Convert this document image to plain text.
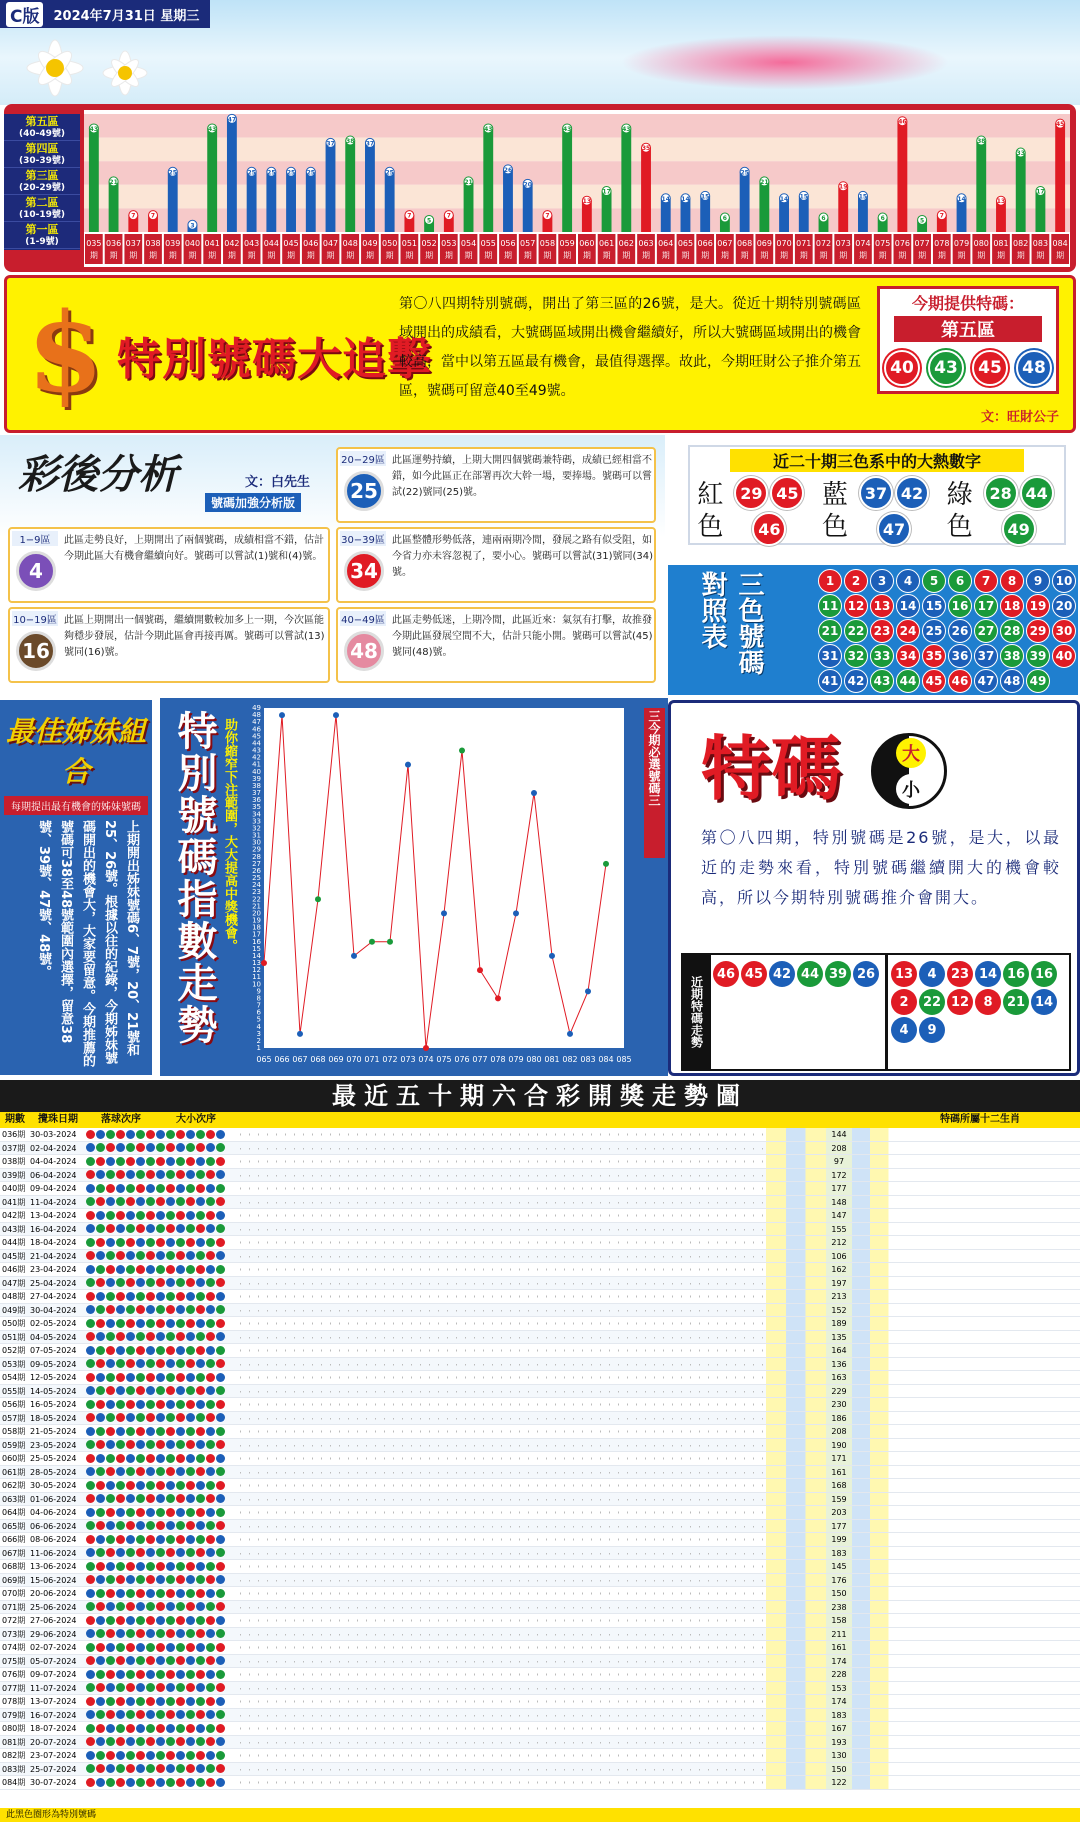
C版	2024年7月31日 星期三
第五區
(40-49號)
第四區
(30-39號)
第三區
(20-29號)
第二區
(10-19號)
第一區
(1-9號)
43
035
期
21
036
期
7
037
期
7
038
期
25
039
期
3
040
期
43
041
期
47
042
期
25
043
期
25
044
期
25
045
期
25
046
期
37
047
期
38
048
期
37
049
期
25
050
期
7
051
期
5
052
期
7
053
期
21
054
期
43
055
期
26
056
期
20
057
期
7
058
期
43
059
期
13
060
期
17
061
期
43
062
期
35
063
期
14
064
期
14
065
期
15
066
期
6
067
期
25
068
期
21
069
期
14
070
期
15
071
期
6
072
期
19
073
期
15
074
期
6
075
期
46
076
期
5
077
期
7
078
期
14
079
期
38
080
期
13
081
期
33
082
期
17
083
期
45
084
期
$ 特別號碼大追擊
第〇八四期特別號碼，開出了第三區的26號，是大。從近十期特別號碼區域開出的成績看，大號碼區域開出機會繼續好，所以大號碼區域開出的機會較高，當中以第五區最有機會，最值得選擇。故此，今期旺財公子推介第五區，號碼可留意40至49號。
今期提供特碼：
第五區
40	43	45	48
文：旺財公子
彩後分析	文：白先生
號碼加強分析版
1−9區
4
此區走勢良好，上期開出了兩個號碼，成績相當不錯，估計今期此區大有機會繼續向好。號碼可以嘗試(1)號和(4)號。
10−19區
16
此區上期開出一個號碼，繼續開數較加多上一期，今次區能夠穩步發展，估計今期此區會再接再厲。號碼可以嘗試(13)號同(16)號。
20−29區
25
此區運勢持續，上期大開四個號碼兼特碼，成績已經相當不錯，如今此區正在部署再次大幹一場，要捧場。號碼可以嘗試(22)號同(25)號。
30−39區
34
此區整體形勢低落，連兩兩期冷閒，發展之路有似受阻，如今省力亦未容忽視了，要小心。號碼可以嘗試(31)號同(34)號。
40−49區
48
此區走勢低迷，上期冷閒，此區近來：氣氛有打擊，故推發今期此區發展空間不大，估計只能小開。號碼可以嘗試(45)號同(48)號。
近二十期三色系中的大熱數字
紅色
29 45
46
藍色
37 42
47
綠色
28 44
49
三色號碼對照表	1	2	3	4	5	6	7	8	9	10
11 12 13 14 15 16 17 18 19 20
21 22 23 24 25 26 27 28 29 30
31 32 33 34 35 36 37 38 39 40
41 42 43 44 45 46 47 48 49
最佳姊妹組合
每期提出最有機會的姊妹號碼
上期開出姊妹號碼6、7號，20、21號和25、26號。根據以往的紀錄，今期姊妹號碼開出的機會大，大家要留意。今期推薦的號碼可38至48號範圍內選擇，留意38號、39號、47號、48號。	特別號碼指數走勢 助你縮窄下注範圍，大大提高中獎機會。
1
2
3
4
5
6
7
8
9
10
11
12
13
14
15
16
17
18
19
20
21
22
23
24
25
26
27
28
29
30
31
32
33
34
35
36
37
38
39
40
41
42
43
44
45
46
47
48
49
065 066 067 068 069 070 071 072 073 074 075 076 077 078 079 080 081 082 083 084 085
三今期必選號碼三 特碼	大
小
第〇八四期，特別號碼是26號，是大，以最近的走勢來看，特別號碼繼續開大的機會較高，所以今期特別號碼推介會開大。
近期特碼走勢
46 45 42 44 39 26	13	4	23 14 16 16
2	22 12	8	21 14
4	9
最近五十期六合彩開獎走勢圖
期數	攪珠日期	落球次序	大小次序	特碼所屬十二生肖
036期 30-03-2024	144
037期 02-04-2024	208
038期 04-04-2024	97
039期 06-04-2024	172
040期 09-04-2024	177
041期 11-04-2024	148
042期 13-04-2024	147
043期 16-04-2024	155
044期 18-04-2024	212
045期 21-04-2024	106
046期 23-04-2024	162
047期 25-04-2024	197
048期 27-04-2024	213
049期 30-04-2024	152
050期 02-05-2024	189
051期 04-05-2024	135
052期 07-05-2024	164
053期 09-05-2024	136
054期 12-05-2024	163
055期 14-05-2024	229
056期 16-05-2024	230
057期 18-05-2024	186
058期 21-05-2024	208
059期 23-05-2024	190
060期 25-05-2024	171
061期 28-05-2024	161
062期 30-05-2024	168
063期 01-06-2024	159
064期 04-06-2024	203
065期 06-06-2024	177
066期 08-06-2024	199
067期 11-06-2024	183
068期 13-06-2024	145
069期 15-06-2024	176
070期 20-06-2024	150
071期 25-06-2024	238
072期 27-06-2024	158
073期 29-06-2024	211
074期 02-07-2024	161
075期 05-07-2024	174
076期 09-07-2024	228
077期 11-07-2024	153
078期 13-07-2024	174
079期 16-07-2024	183
080期 18-07-2024	167
081期 20-07-2024	193
082期 23-07-2024	130
083期 25-07-2024	150
084期 30-07-2024	122
此黑色圈形為特別號碼
